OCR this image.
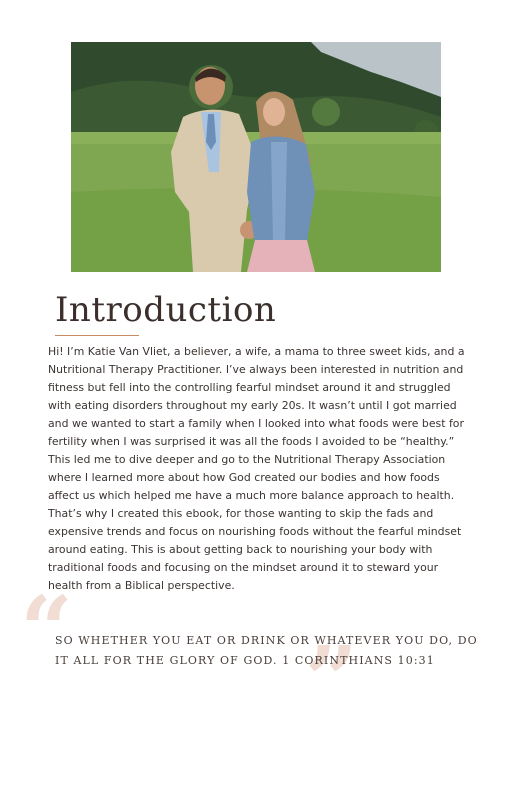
Introduction

Hi! I’m Katie Van Vliet, a believer, a wife, a mama to three sweet kids, and a Nutritional Therapy Practitioner. I’ve always been interested in nutrition and fitness but fell into the controlling fearful mindset around it and struggled with eating disorders throughout my early 20s. It wasn’t until I got married and we wanted to start a family when I looked into what foods were best for fertility when I was surprised it was all the foods I avoided to be “healthy.” This led me to dive deeper and go to the Nutritional Therapy Association where I learned more about how God created our bodies and how foods affect us which helped me have a much more balance approach to health. That’s why I created this ebook, for those wanting to skip the fads and expensive trends and focus on nourishing foods without the fearful mindset around eating. This is about getting back to nourishing your body with traditional foods and focusing on the mindset around it to steward your health from a Biblical perspective.

“	”

SO WHETHER YOU EAT OR DRINK OR WHATEVER YOU DO, DO IT ALL FOR THE GLORY OF GOD. 1 CORINTHIANS 10:31
